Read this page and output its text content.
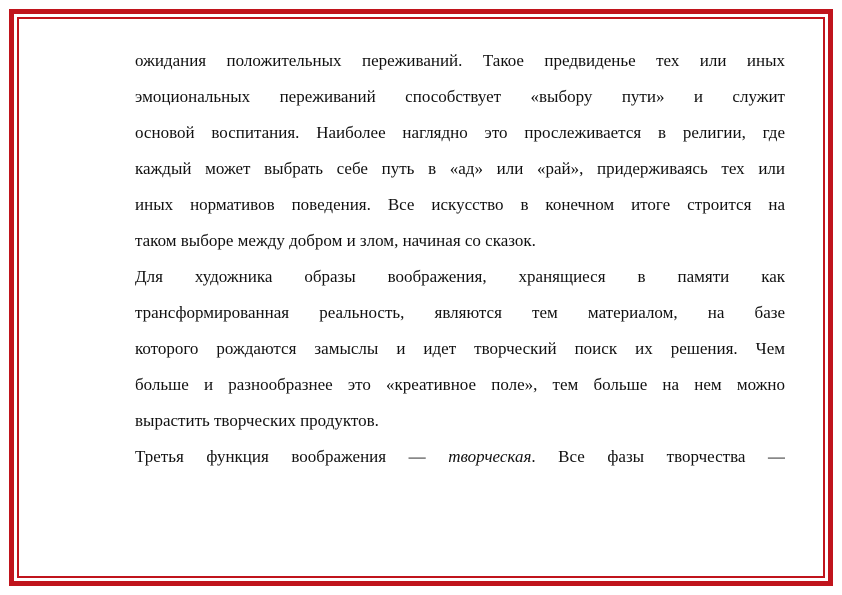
ожидания положительных переживаний. Такое предвиденье тех или иных
эмоциональных переживаний способствует «выбору пути» и служит
основой воспитания. Наиболее наглядно это прослеживается в религии, где
каждый может выбрать себе путь в «ад» или «рай», придерживаясь тех или
иных нормативов поведения. Все искусство в конечном итоге строится на
таком выборе между добром и злом, начиная со сказок.
Для художника образы воображения, хранящиеся в памяти как
трансформированная реальность, являются тем материалом, на базе
которого рождаются замыслы и идет творческий поиск их решения. Чем
больше и разнообразнее это «креативное поле», тем больше на нем можно
вырастить творческих продуктов.
Третья функция воображения — творческая. Все фазы творчества —
